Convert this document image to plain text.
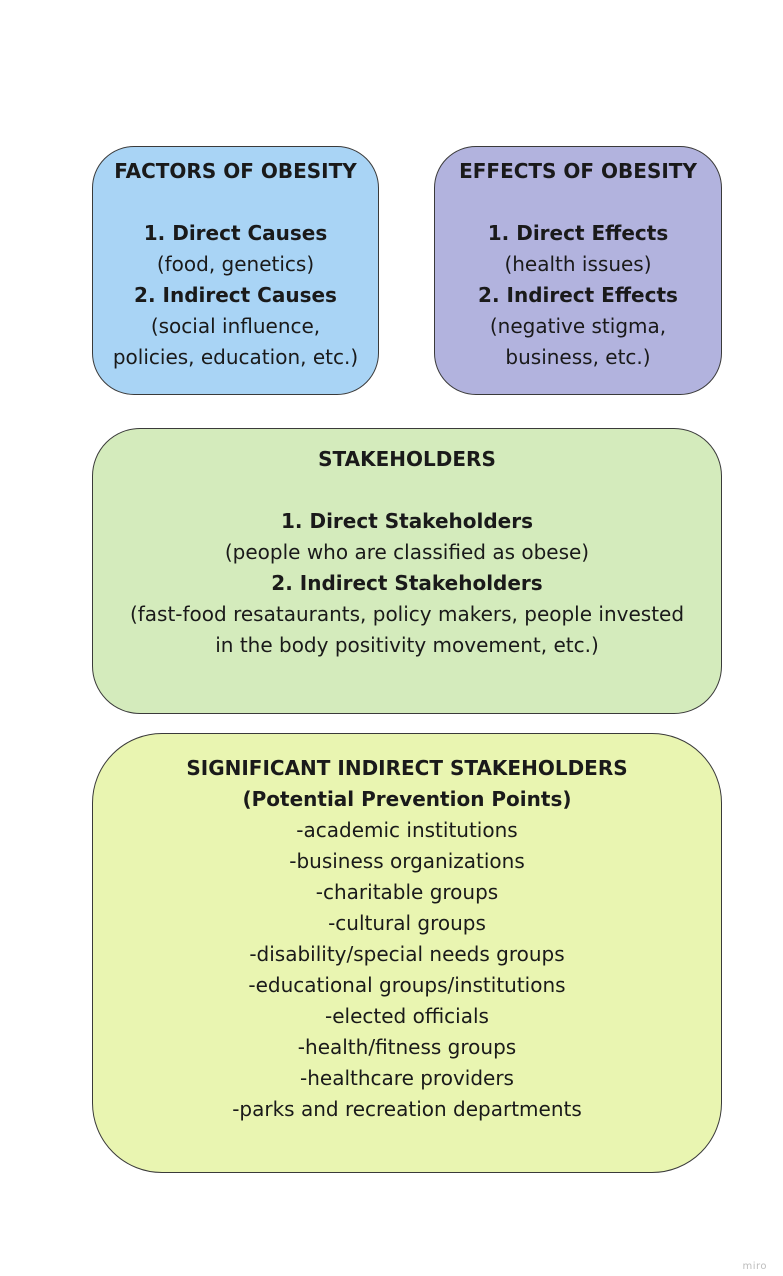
FACTORS OF OBESITY
1. Direct Causes
(food, genetics)
2. Indirect Causes
(social influence,
policies, education, etc.)
EFFECTS OF OBESITY
1. Direct Effects
(health issues)
2. Indirect Effects
(negative stigma,
business, etc.)
STAKEHOLDERS
1. Direct Stakeholders
(people who are classified as obese)
2. Indirect Stakeholders
(fast-food resataurants, policy makers, people invested
in the body positivity movement, etc.)
SIGNIFICANT INDIRECT STAKEHOLDERS
(Potential Prevention Points)
-academic institutions
-business organizations
-charitable groups
-cultural groups
-disability/special needs groups
-educational groups/institutions
-elected officials
-health/fitness groups
-healthcare providers
-parks and recreation departments
miro
